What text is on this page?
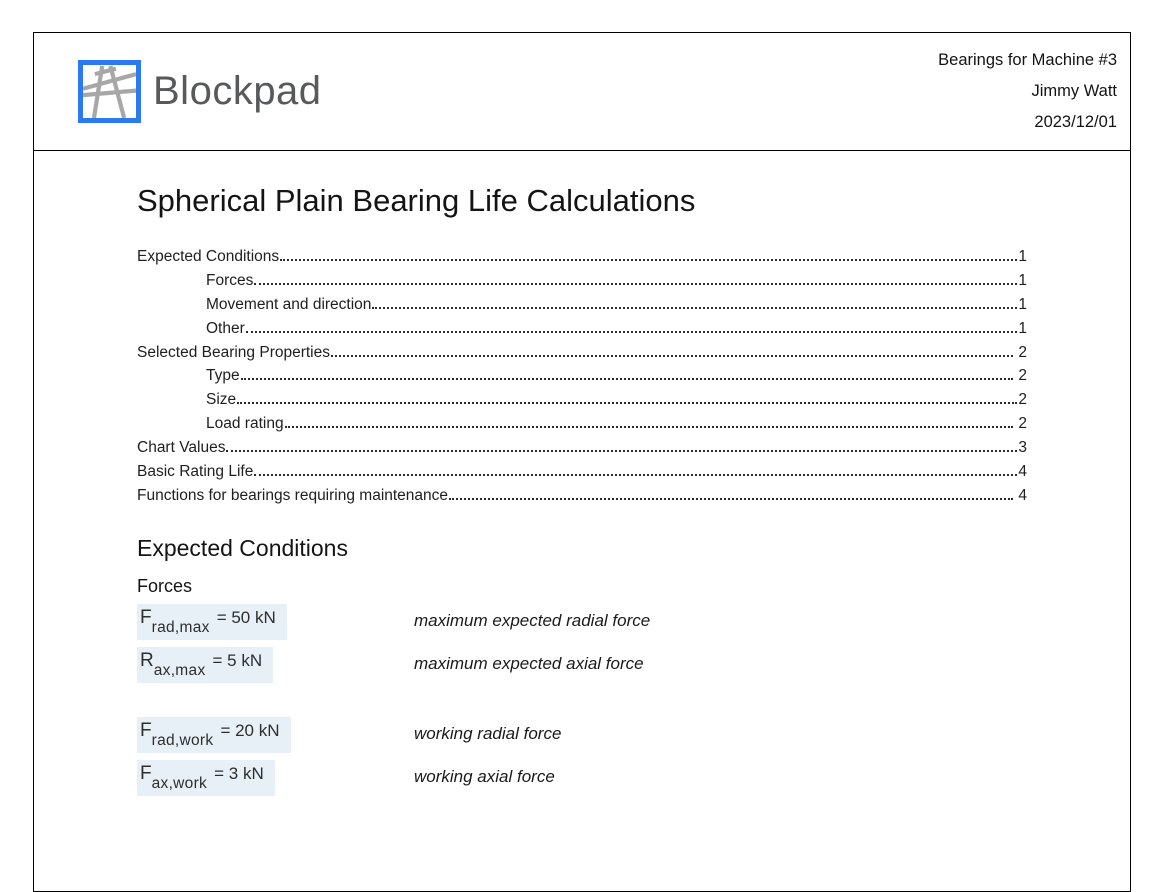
Blockpad
Bearings for Machine #3
Jimmy Watt
2023/12/01
Spherical Plain Bearing Life Calculations
Expected Conditions	1
Forces	1
Movement and direction	1
Other	1
Selected Bearing Properties	2
Type	2
Size	2
Load rating	2
Chart Values	3
Basic Rating Life	4
Functions for bearings requiring maintenance	4
Expected Conditions
Forces
Frad,max= 50 kN	maximum expected radial force
Rax,max= 5 kN	maximum expected axial force
Frad,work= 20 kN	working radial force
Fax,work= 3 kN	working axial force
